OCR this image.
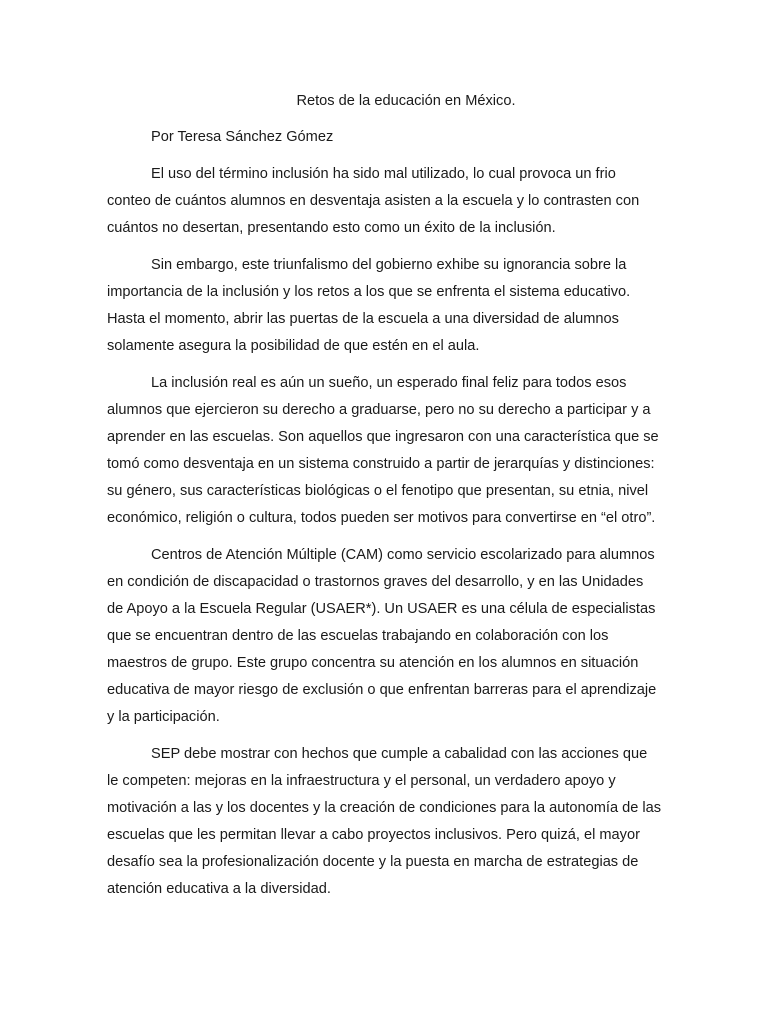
Retos de la educación en México.

Por Teresa Sánchez Gómez

El uso del término inclusión ha sido mal utilizado, lo cual provoca un frio conteo de cuántos alumnos en desventaja asisten a la escuela y lo contrasten con cuántos no desertan, presentando esto como un éxito de la inclusión.

Sin embargo, este triunfalismo del gobierno exhibe su ignorancia sobre la importancia de la inclusión y los retos a los que se enfrenta el sistema educativo. Hasta el momento, abrir las puertas de la escuela a una diversidad de alumnos solamente asegura la posibilidad de que estén en el aula.

La inclusión real es aún un sueño, un esperado final feliz para todos esos alumnos que ejercieron su derecho a graduarse, pero no su derecho a participar y a aprender en las escuelas. Son aquellos que ingresaron con una característica que se tomó como desventaja en un sistema construido a partir de jerarquías y distinciones: su género, sus características biológicas o el fenotipo que presentan, su etnia, nivel económico, religión o cultura, todos pueden ser motivos para convertirse en “el otro”.

Centros de Atención Múltiple (CAM) como servicio escolarizado para alumnos en condición de discapacidad o trastornos graves del desarrollo, y en las Unidades de Apoyo a la Escuela Regular (USAER*). Un USAER es una célula de especialistas que se encuentran dentro de las escuelas trabajando en colaboración con los maestros de grupo. Este grupo concentra su atención en los alumnos en situación educativa de mayor riesgo de exclusión o que enfrentan barreras para el aprendizaje y la participación.

SEP debe mostrar con hechos que cumple a cabalidad con las acciones que le competen: mejoras en la infraestructura y el personal, un verdadero apoyo y motivación a las y los docentes y la creación de condiciones para la autonomía de las escuelas que les permitan llevar a cabo proyectos inclusivos. Pero quizá, el mayor desafío sea la profesionalización docente y la puesta en marcha de estrategias de atención educativa a la diversidad.
